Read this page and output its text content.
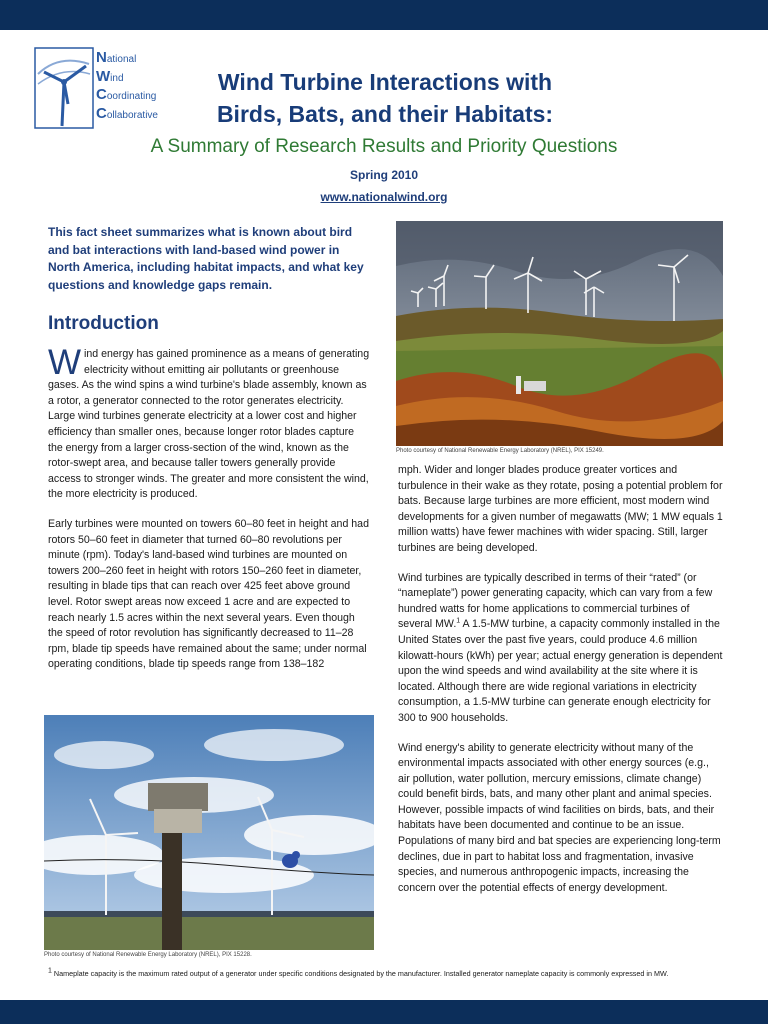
National
Wind
Coordinating
Collaborative
Wind Turbine Interactions with
Birds, Bats, and their Habitats:
A Summary of Research Results and Priority Questions
Spring 2010
www.nationalwind.org
This fact sheet summarizes what is known about bird and bat interactions with land-based wind power in North America, including habitat impacts, and what key questions and knowledge gaps remain.
Introduction

Wind energy has gained prominence as a means of generating electricity without emitting air pollutants or greenhouse gases. As the wind spins a wind turbine's blade assembly, known as a rotor, a generator connected to the rotor generates electricity. Large wind turbines generate electricity at a lower cost and higher efficiency than smaller ones, because longer rotor blades capture the energy from a larger cross-section of the wind, known as the rotor-swept area, and because taller towers generally provide access to stronger winds. The greater and more consistent the wind, the more electricity is produced.

Early turbines were mounted on towers 60–80 feet in height and had rotors 50–60 feet in diameter that turned 60–80 revolutions per minute (rpm). Today's land-based wind turbines are mounted on towers 200–260 feet in height with rotors 150–260 feet in diameter, resulting in blade tips that can reach over 425 feet above ground level. Rotor swept areas now exceed 1 acre and are expected to reach nearly 1.5 acres within the next several years. Even though the speed of rotor revolution has significantly decreased to 11–28 rpm, blade tip speeds have remained about the same; under normal operating conditions, blade tip speeds range from 138–182

Photo courtesy of National Renewable Energy Laboratory (NREL), PIX 15249.
Photo courtesy of National Renewable Energy Laboratory (NREL), PIX 15228.

mph. Wider and longer blades produce greater vortices and turbulence in their wake as they rotate, posing a potential problem for bats. Because large turbines are more efficient, most modern wind developments for a given number of megawatts (MW; 1 MW equals 1 million watts) have fewer machines with wider spacing. Still, larger turbines are being developed.

Wind turbines are typically described in terms of their “rated” (or “nameplate”) power generating capacity, which can vary from a few hundred watts for home applications to commercial turbines of several MW.$^1$ A 1.5-MW turbine, a capacity commonly installed in the United States over the past five years, could produce 4.6 million kilowatt-hours (kWh) per year; actual energy generation is dependent upon the wind speeds and wind availability at the site where it is located. Although there are wide regional variations in electricity consumption, a 1.5-MW turbine can generate enough electricity for 300 to 900 households.

Wind energy's ability to generate electricity without many of the environmental impacts associated with other energy sources (e.g., air pollution, water pollution, mercury emissions, climate change) could benefit birds, bats, and many other plant and animal species. However, possible impacts of wind facilities on birds, bats, and their habitats have been documented and continue to be an issue. Populations of many bird and bat species are experiencing long-term declines, due in part to habitat loss and fragmentation, invasive species, and numerous anthropogenic impacts, increasing the concern over the potential effects of energy development.

$^1$ Nameplate capacity is the maximum rated output of a generator under specific conditions designated by the manufacturer. Installed generator nameplate capacity is commonly expressed in MW.
